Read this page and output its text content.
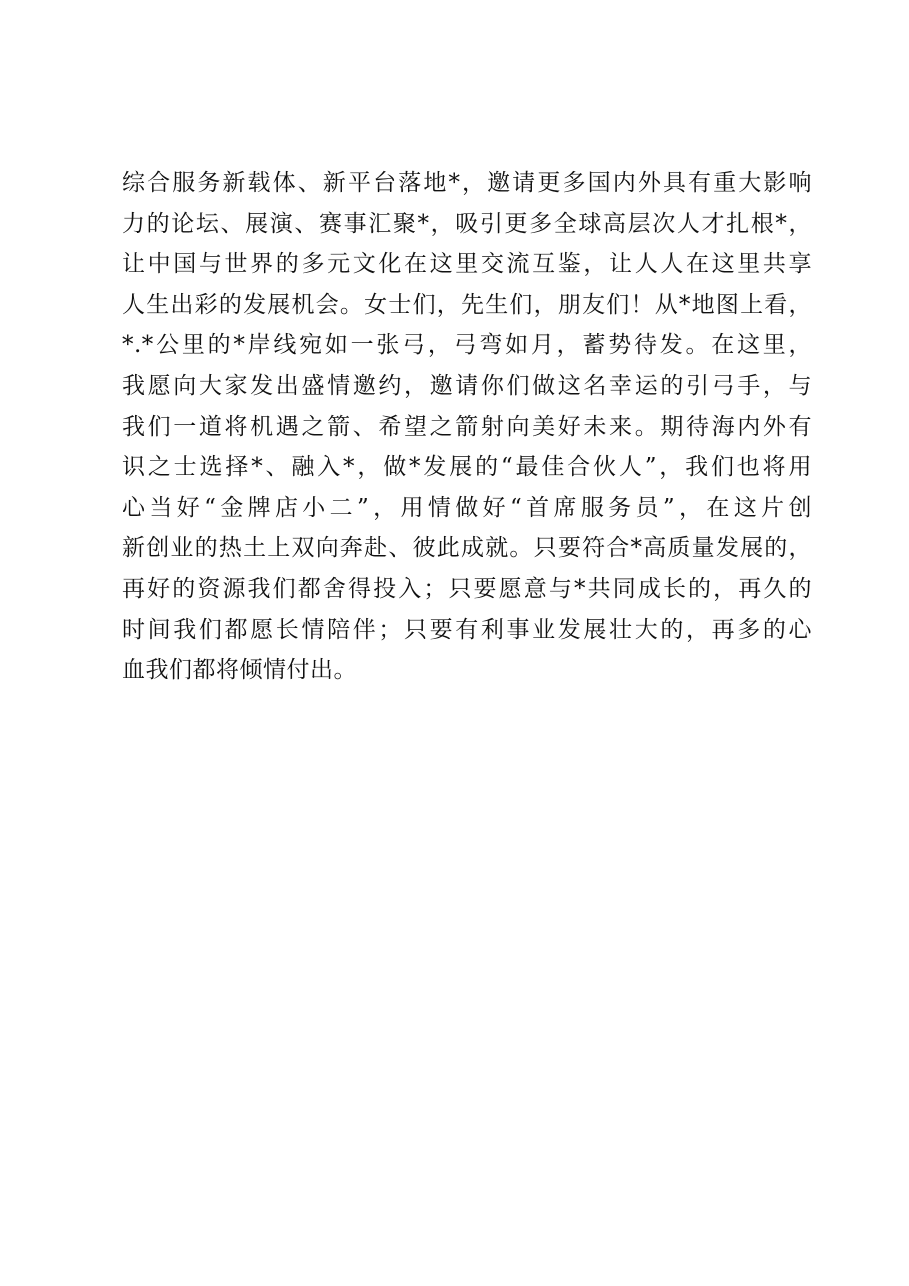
综合服务新载体、新平台落地*，邀请更多国内外具有重大影响
力的论坛、展演、赛事汇聚*，吸引更多全球高层次人才扎根*，
让中国与世界的多元文化在这里交流互鉴，让人人在这里共享
人生出彩的发展机会。女士们，先生们，朋友们！从*地图上看，
*.*公里的*岸线宛如一张弓，弓弯如月，蓄势待发。在这里，
我愿向大家发出盛情邀约，邀请你们做这名幸运的引弓手，与
我们一道将机遇之箭、希望之箭射向美好未来。期待海内外有
识之士选择*、融入*，做*发展的“最佳合伙人”，我们也将用
心当好“金牌店小二”，用情做好“首席服务员”，在这片创
新创业的热土上双向奔赴、彼此成就。只要符合*高质量发展的，
再好的资源我们都舍得投入；只要愿意与*共同成长的，再久的
时间我们都愿长情陪伴；只要有利事业发展壮大的，再多的心
血我们都将倾情付出。
